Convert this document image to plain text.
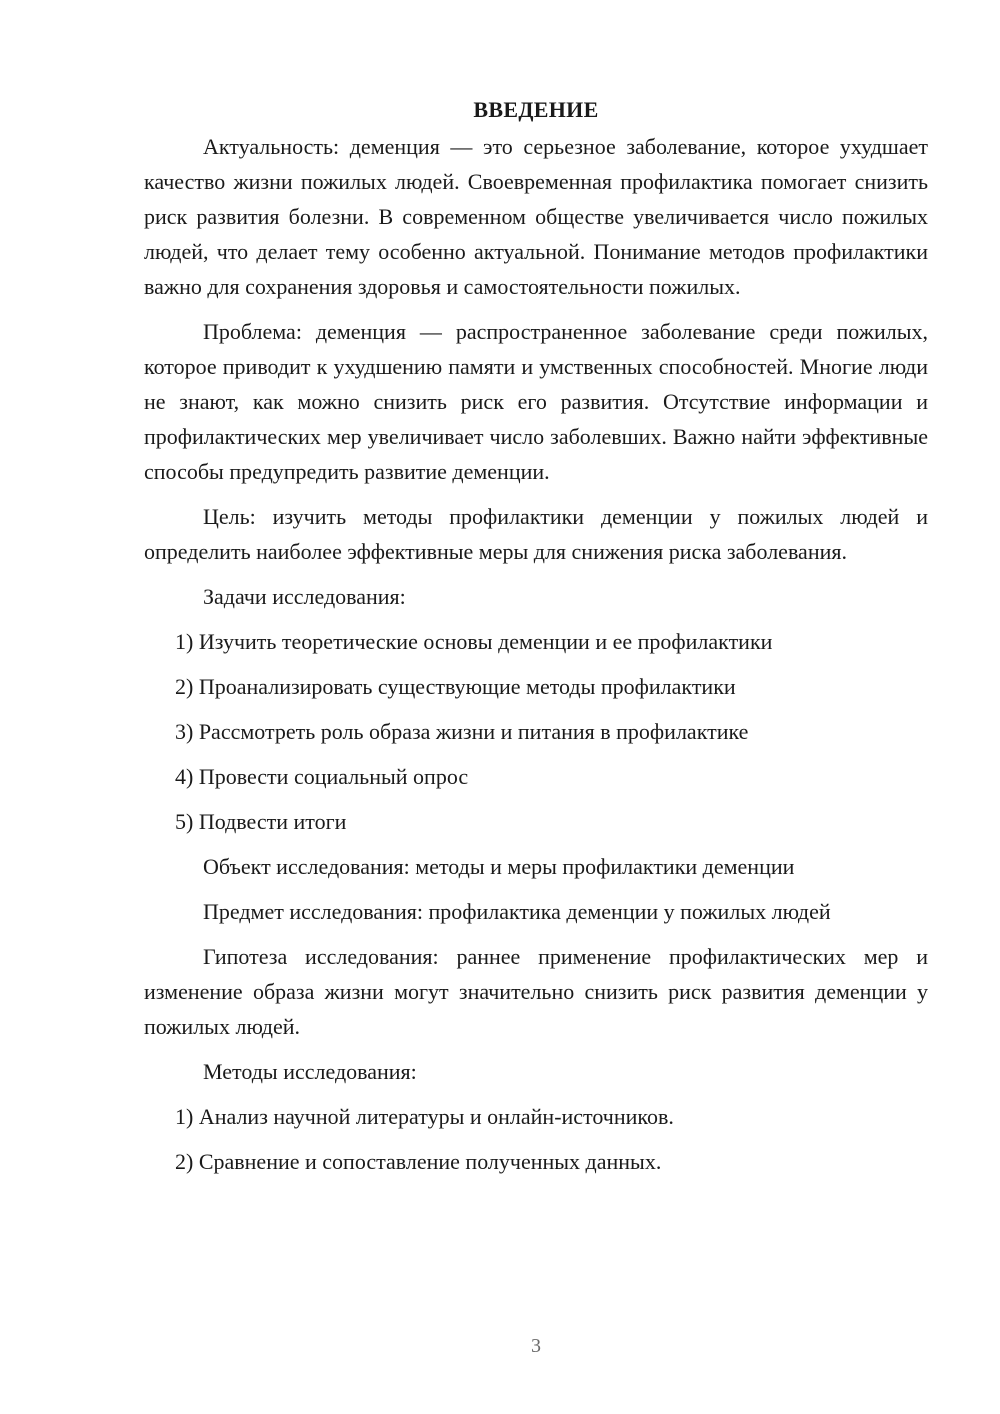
ВВЕДЕНИЕ

Актуальность: деменция — это серьезное заболевание, которое ухудшает качество жизни пожилых людей. Своевременная профилактика помогает снизить риск развития болезни. В современном обществе увеличивается число пожилых людей, что делает тему особенно актуальной. Понимание методов профилактики важно для сохранения здоровья и самостоятельности пожилых.

Проблема: деменция — распространенное заболевание среди пожилых, которое приводит к ухудшению памяти и умственных способностей. Многие люди не знают, как можно снизить риск его развития. Отсутствие информации и профилактических мер увеличивает число заболевших. Важно найти эффективные способы предупредить развитие деменции.

Цель: изучить методы профилактики деменции у пожилых людей и определить наиболее эффективные меры для снижения риска заболевания.

Задачи исследования:

1) Изучить теоретические основы деменции и ее профилактики

2) Проанализировать существующие методы профилактики

3) Рассмотреть роль образа жизни и питания в профилактике

4) Провести социальный опрос

5) Подвести итоги

Объект исследования: методы и меры профилактики деменции

Предмет исследования: профилактика деменции у пожилых людей

Гипотеза исследования: раннее применение профилактических мер и изменение образа жизни могут значительно снизить риск развития деменции у пожилых людей.

Методы исследования:

1) Анализ научной литературы и онлайн-источников.

2) Сравнение и сопоставление полученных данных.

3
